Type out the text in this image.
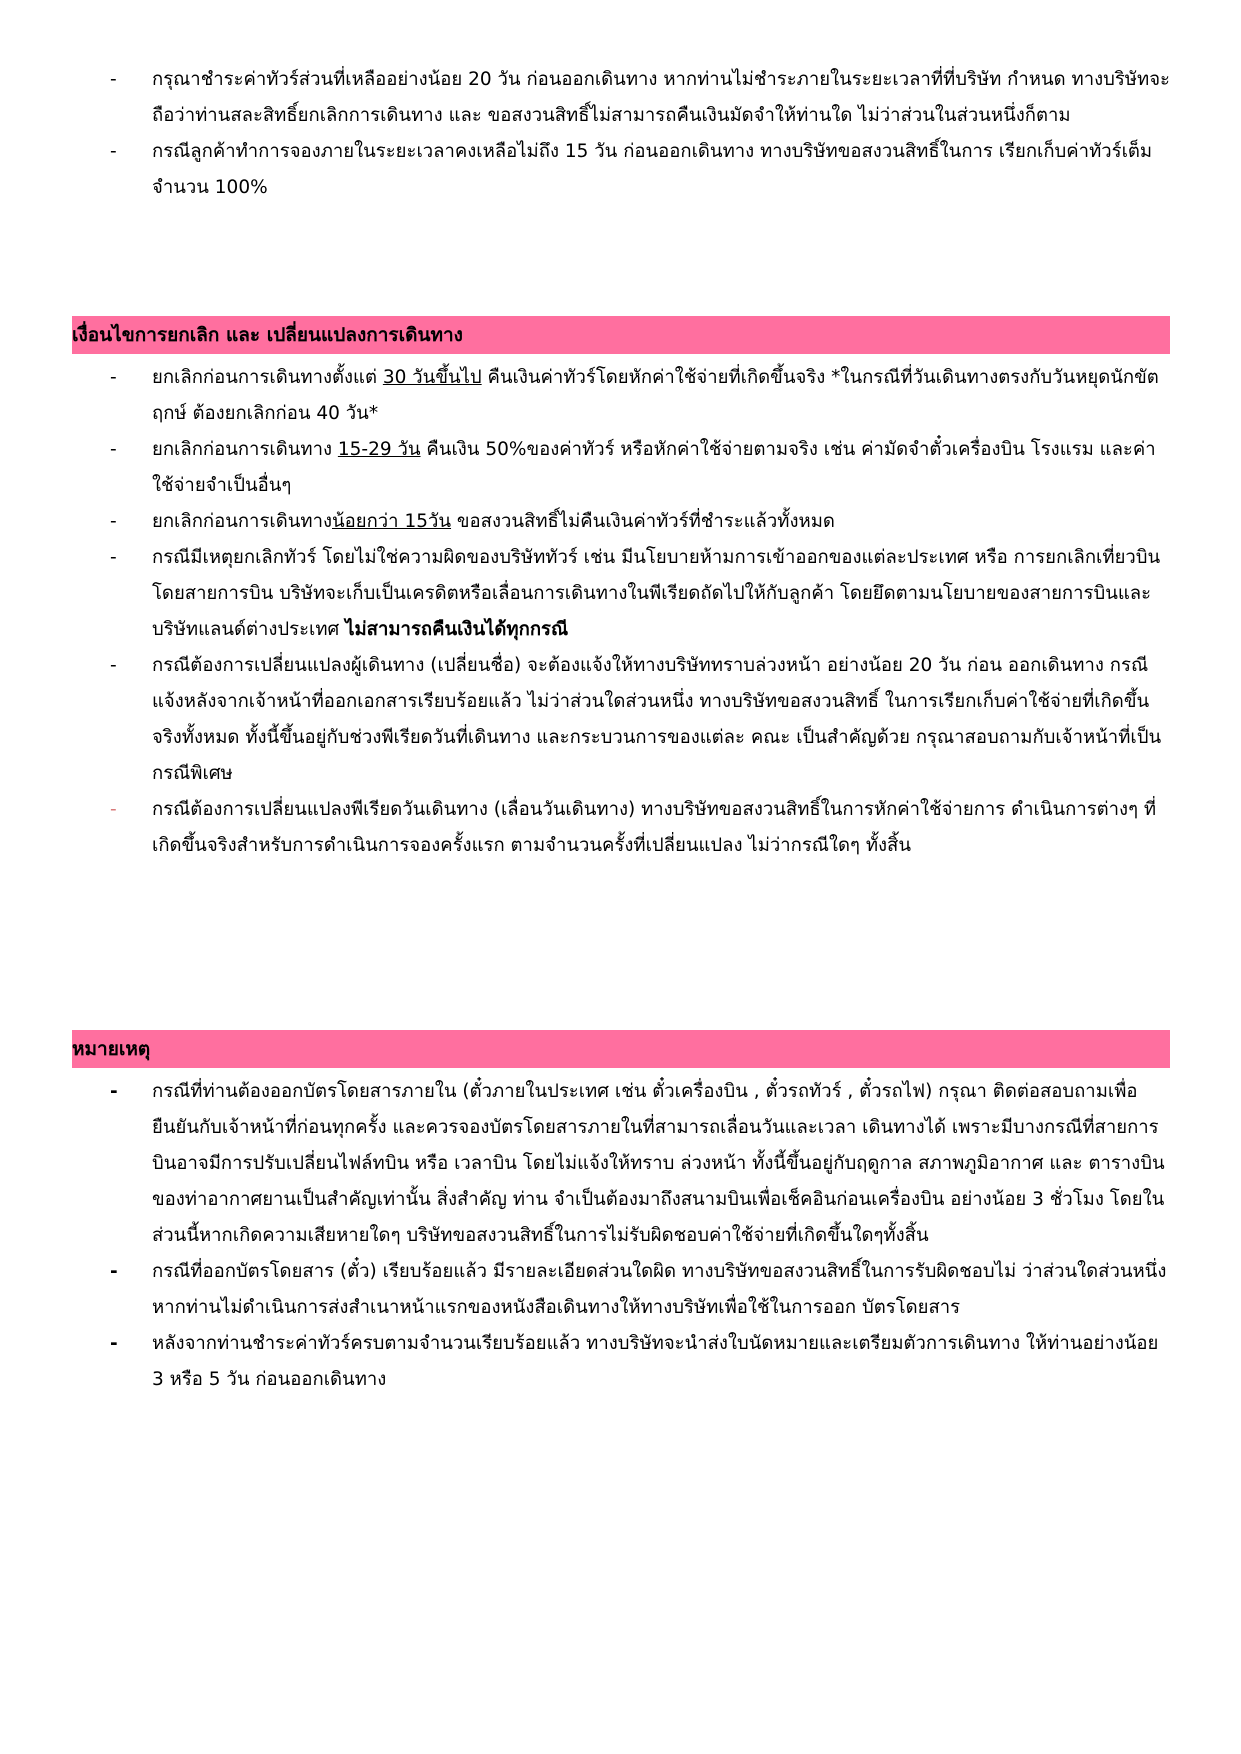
-	กรุณาชำระค่าทัวร์ส่วนที่เหลืออย่างน้อย 20 วัน ก่อนออกเดินทาง หากท่านไม่ชำระภายในระยะเวลาที่ที่บริษัท กำหนด ทางบริษัทจะถือว่าท่านสละสิทธิ์ยกเลิกการเดินทาง และ ขอสงวนสิทธิ์ไม่สามารถคืนเงินมัดจำให้ท่านใด ไม่ว่าส่วนในส่วนหนึ่งก็ตาม
-	กรณีลูกค้าทำการจองภายในระยะเวลาคงเหลือไม่ถึง 15 วัน ก่อนออกเดินทาง ทางบริษัทขอสงวนสิทธิ์ในการ เรียกเก็บค่าทัวร์เต็มจำนวน 100%
เงื่อนไขการยกเลิก และ เปลี่ยนแปลงการเดินทาง
-	ยกเลิกก่อนการเดินทางตั้งแต่ 30 วันขึ้นไป คืนเงินค่าทัวร์โดยหักค่าใช้จ่ายที่เกิดขึ้นจริง *ในกรณีที่วันเดินทางตรงกับวันหยุดนักขัตฤกษ์ ต้องยกเลิกก่อน 40 วัน*
-	ยกเลิกก่อนการเดินทาง 15-29 วัน คืนเงิน 50%ของค่าทัวร์ หรือหักค่าใช้จ่ายตามจริง เช่น ค่ามัดจำตั๋วเครื่องบิน โรงแรม และค่าใช้จ่ายจำเป็นอื่นๆ
-	ยกเลิกก่อนการเดินทางน้อยกว่า 15วัน ขอสงวนสิทธิ์ไม่คืนเงินค่าทัวร์ที่ชำระแล้วทั้งหมด
-	กรณีมีเหตุยกเลิกทัวร์ โดยไม่ใช่ความผิดของบริษัททัวร์ เช่น มีนโยบายห้ามการเข้าออกของแต่ละประเทศ หรือ การยกเลิกเที่ยวบินโดยสายการบิน บริษัทจะเก็บเป็นเครดิตหรือเลื่อนการเดินทางในพีเรียดถัดไปให้กับลูกค้า โดยยึดตามนโยบายของสายการบินและบริษัทแลนด์ต่างประเทศ ไม่สามารถคืนเงินได้ทุกกรณี
-	กรณีต้องการเปลี่ยนแปลงผู้เดินทาง (เปลี่ยนชื่อ) จะต้องแจ้งให้ทางบริษัททราบล่วงหน้า อย่างน้อย 20 วัน ก่อน ออกเดินทาง กรณีแจ้งหลังจากเจ้าหน้าที่ออกเอกสารเรียบร้อยแล้ว ไม่ว่าส่วนใดส่วนหนึ่ง ทางบริษัทขอสงวนสิทธิ์ ในการเรียกเก็บค่าใช้จ่ายที่เกิดขึ้นจริงทั้งหมด ทั้งนี้ขึ้นอยู่กับช่วงพีเรียดวันที่เดินทาง และกระบวนการของแต่ละ คณะ เป็นสำคัญด้วย กรุณาสอบถามกับเจ้าหน้าที่เป็นกรณีพิเศษ
-	กรณีต้องการเปลี่ยนแปลงพีเรียดวันเดินทาง (เลื่อนวันเดินทาง) ทางบริษัทขอสงวนสิทธิ์ในการหักค่าใช้จ่ายการ ดำเนินการต่างๆ ที่เกิดขึ้นจริงสำหรับการดำเนินการจองครั้งแรก ตามจำนวนครั้งที่เปลี่ยนแปลง ไม่ว่ากรณีใดๆ ทั้งสิ้น
หมายเหตุ
-	กรณีที่ท่านต้องออกบัตรโดยสารภายใน (ตั๋วภายในประเทศ เช่น ตั๋วเครื่องบิน , ตั๋วรถทัวร์ , ตั๋วรถไฟ) กรุณา ติดต่อสอบถามเพื่อยืนยันกับเจ้าหน้าที่ก่อนทุกครั้ง และควรจองบัตรโดยสารภายในที่สามารถเลื่อนวันและเวลา เดินทางได้ เพราะมีบางกรณีที่สายการบินอาจมีการปรับเปลี่ยนไฟล์ทบิน หรือ เวลาบิน โดยไม่แจ้งให้ทราบ ล่วงหน้า ทั้งนี้ขึ้นอยู่กับฤดูกาล สภาพภูมิอากาศ และ ตารางบินของท่าอากาศยานเป็นสำคัญเท่านั้น สิ่งสำคัญ ท่าน จำเป็นต้องมาถึงสนามบินเพื่อเช็คอินก่อนเครื่องบิน อย่างน้อย 3 ชั่วโมง โดยในส่วนนี้หากเกิดความเสียหายใดๆ บริษัทขอสงวนสิทธิ์ในการไม่รับผิดชอบค่าใช้จ่ายที่เกิดขึ้นใดๆทั้งสิ้น
-	กรณีที่ออกบัตรโดยสาร (ตั๋ว) เรียบร้อยแล้ว มีรายละเอียดส่วนใดผิด ทางบริษัทขอสงวนสิทธิ์ในการรับผิดชอบไม่ ว่าส่วนใดส่วนหนึ่ง หากท่านไม่ดำเนินการส่งสำเนาหน้าแรกของหนังสือเดินทางให้ทางบริษัทเพื่อใช้ในการออก บัตรโดยสาร
-	หลังจากท่านชำระค่าทัวร์ครบตามจำนวนเรียบร้อยแล้ว ทางบริษัทจะนำส่งใบนัดหมายและเตรียมตัวการเดินทาง ให้ท่านอย่างน้อย 3 หรือ 5 วัน ก่อนออกเดินทาง
